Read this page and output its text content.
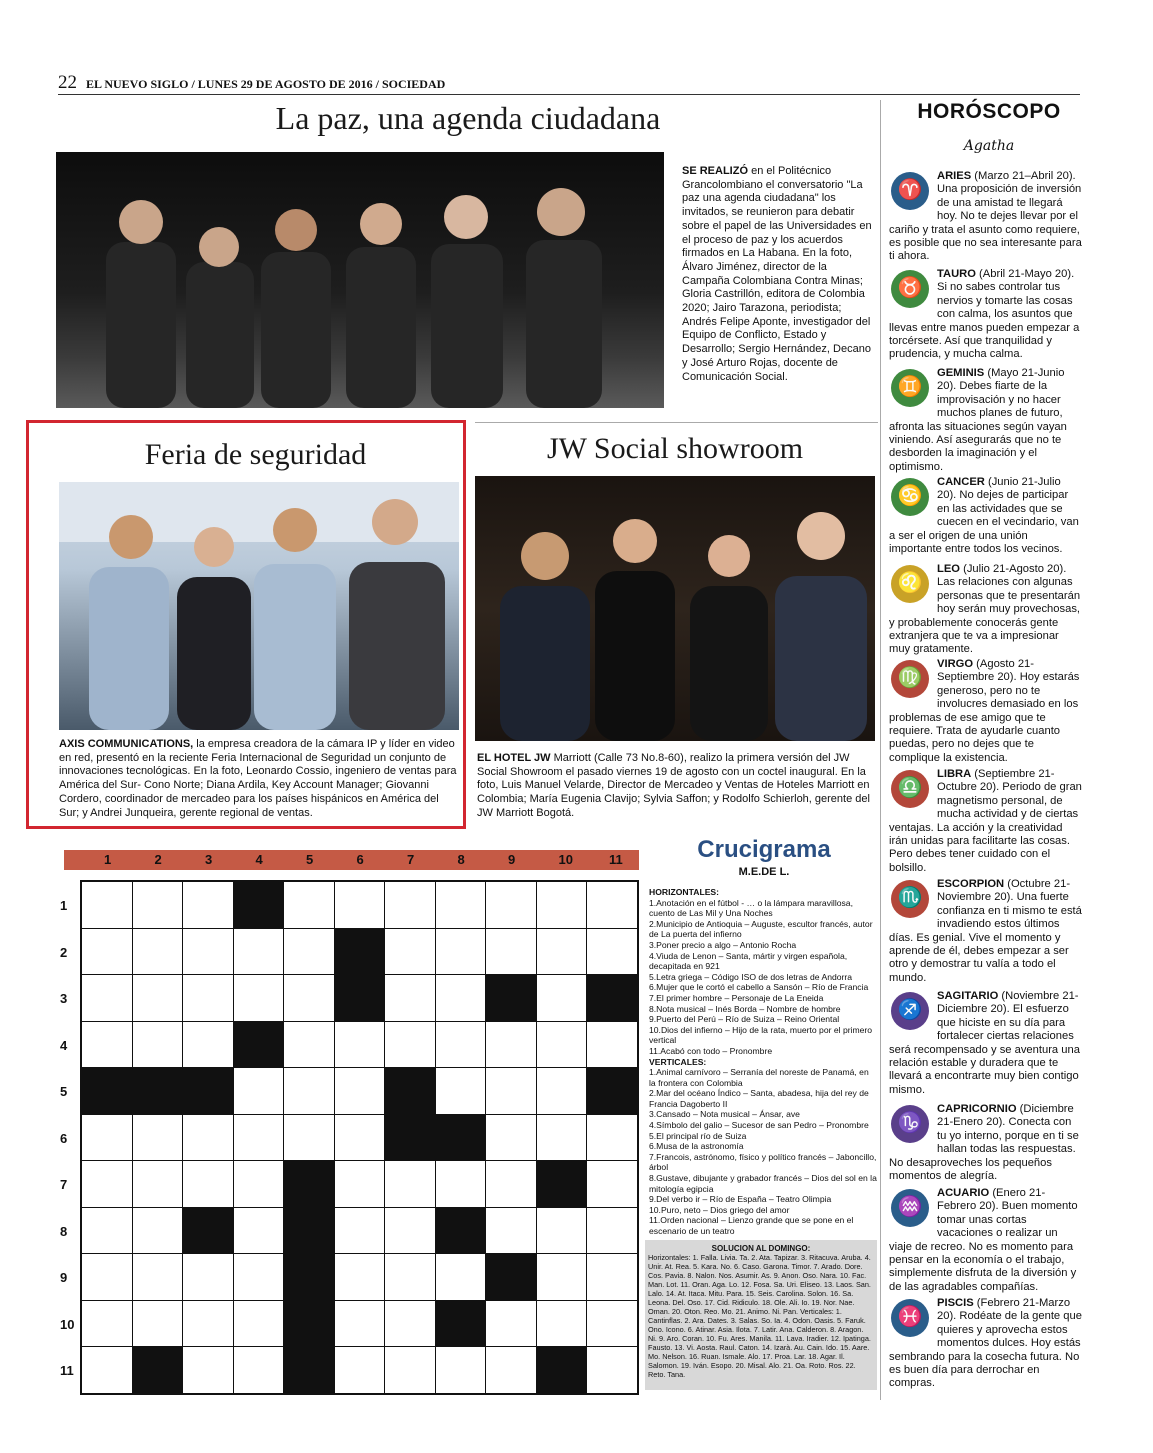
22 EL NUEVO SIGLO / LUNES 29 DE AGOSTO DE 2016 / SOCIEDAD
La paz, una agenda ciudadana
SE REALIZÓ en el Politécnico Grancolombiano el conversatorio "La paz una agenda ciudadana" los invitados, se reunieron para debatir sobre el papel de las Universidades en el proceso de paz y los acuerdos firmados en La Habana. En la foto, Álvaro Jiménez, director de la Campaña Colombiana Contra Minas; Gloria Castrillón, editora de Colombia 2020; Jairo Tarazona, periodista; Andrés Felipe Aponte, investigador del Equipo de Conflicto, Estado y Desarrollo; Sergio Hernández, Decano y José Arturo Rojas, docente de Comunicación Social.
Feria de seguridad
AXIS COMMUNICATIONS, la empresa creadora de la cámara IP y líder en video en red, presentó en la reciente Feria Internacional de Seguridad un conjunto de innovaciones tecnológicas. En la foto, Leonardo Cossio, ingeniero de ventas para América del Sur- Cono Norte; Diana Ardila, Key Account Manager; Giovanni Cordero, coordinador de mercadeo para los países hispánicos en América del Sur; y Andrei Junqueira, gerente regional de ventas.
JW Social showroom
EL HOTEL JW Marriott (Calle 73 No.8-60), realizo la primera versión del JW Social Showroom el pasado viernes 19 de agosto con un coctel inaugural. En la foto, Luis Manuel Velarde, Director de Mercadeo y Ventas de Hoteles Marriott en Colombia; María Eugenia Clavijo; Sylvia Saffon; y Rodolfo Schierloh, gerente del JW Marriott Bogotá.
HORÓSCOPO
Agatha
♈
ARIES (Marzo 21–Abril 20). Una proposición de inversión de una amistad te llegará hoy. No te dejes llevar por el cariño y trata el asunto como requiere, es posible que no sea interesante para ti ahora.
♉
TAURO (Abril 21-Mayo 20). Si no sabes controlar tus nervios y tomarte las cosas con calma, los asuntos que llevas entre manos pueden empezar a torcérsete. Así que tranquilidad y prudencia, y mucha calma.
♊
GEMINIS (Mayo 21-Junio 20). Debes fiarte de la improvisación y no hacer muchos planes de futuro, afronta las situaciones según vayan viniendo. Así asegurarás que no te desborden la imaginación y el optimismo.
♋
CANCER (Junio 21-Julio 20). No dejes de participar en las actividades que se cuecen en el vecindario, van a ser el origen de una unión importante entre todos los vecinos.
♌
LEO (Julio 21-Agosto 20). Las relaciones con algunas personas que te presentarán hoy serán muy provechosas, y probablemente conocerás gente extranjera que te va a impresionar muy gratamente.
♍
VIRGO (Agosto 21-Septiembre 20). Hoy estarás generoso, pero no te involucres demasiado en los problemas de ese amigo que te requiere. Trata de ayudarle cuanto puedas, pero no dejes que te complique la existencia.
♎
LIBRA (Septiembre 21-Octubre 20). Periodo de gran magnetismo personal, de mucha actividad y de ciertas ventajas. La acción y la creatividad irán unidas para facilitarte las cosas. Pero debes tener cuidado con el bolsillo.
♏
ESCORPION (Octubre 21-Noviembre 20). Una fuerte confianza en ti mismo te está invadiendo estos últimos días. Es genial. Vive el momento y aprende de él, debes empezar a ser otro y demostrar tu valía a todo el mundo.
♐
SAGITARIO (Noviembre 21-Diciembre 20). El esfuerzo que hiciste en su día para fortalecer ciertas relaciones será recompensado y se aventura una relación estable y duradera que te llevará a encontrarte muy bien contigo mismo.
♑
CAPRICORNIO (Diciembre 21-Enero 20). Conecta con tu yo interno, porque en ti se hallan todas las respuestas. No desaproveches los pequeños momentos de alegría.
♒
ACUARIO (Enero 21-Febrero 20). Buen momento tomar unas cortas vacaciones o realizar un viaje de recreo. No es momento para pensar en la economía o el trabajo, simplemente disfruta de la diversión y de las agradables compañías.
♓
PISCIS (Febrero 21-Marzo 20). Rodéate de la gente que quieres y aprovecha estos momentos dulces. Hoy estás sembrando para la cosecha futura. No es buen día para derrochar en compras.
1	2	3	4	5	6	7	8	9	10	11
1
2
3
4
5
6
7
8
9
10
11
Crucigrama
M.E.DE L.
HORIZONTALES:
1.Anotación en el fútbol - … o la lámpara maravillosa, cuento de Las Mil y Una Noches
2.Municipio de Antioquia – Auguste, escultor francés, autor de La puerta del infierno
3.Poner precio a algo – Antonio Rocha
4.Viuda de Lenon – Santa, mártir y virgen española, decapitada en 921
5.Letra griega – Código ISO de dos letras de Andorra
6.Mujer que le cortó el cabello a Sansón – Río de Francia
7.El primer hombre – Personaje de La Eneida
8.Nota musical – Inés Borda – Nombre de hombre
9.Puerto del Perú – Río de Suiza – Reino Oriental
10.Dios del infierno – Hijo de la rata, muerto por el primero vertical
11.Acabó con todo – Pronombre
VERTICALES:
1.Animal carnívoro – Serranía del noreste de Panamá, en la frontera con Colombia
2.Mar del océano Índico – Santa, abadesa, hija del rey de Francia Dagoberto II
3.Cansado – Nota musical – Ánsar, ave
4.Símbolo del galio – Sucesor de san Pedro – Pronombre
5.El principal río de Suiza
6.Musa de la astronomía
7.Francois, astrónomo, físico y político francés – Jaboncillo, árbol
8.Gustave, dibujante y grabador francés – Dios del sol en la mitología egipcia
9.Del verbo ir – Río de España – Teatro Olimpia
10.Puro, neto – Dios griego del amor
11.Orden nacional – Lienzo grande que se pone en el escenario de un teatro
SOLUCION AL DOMINGO:
Horizontales: 1. Falla. Livia. Ta. 2. Ata. Tapizar. 3. Ritacuva. Aruba. 4. Unir. At. Rea. 5. Kara. No. 6. Caso. Garona. Timor. 7. Arado. Dore. Cos. Pavia. 8. Nalon. Nos. Asumir. As. 9. Anon. Oso. Nara. 10. Fac. Man. Lot. 11. Oran. Aga. Lo. 12. Fosa. Sa. Uri. Eliseo. 13. Laos. San. Lalo. 14. At. Itaca. Mitu. Para. 15. Seis. Carolina. Solon. 16. Sa. Leona. Del. Oso. 17. Cid. Ridiculo. 18. Ole. Ali. Io. 19. Nor. Nae. Oman. 20. Oton. Reo. Mo. 21. Animo. Ni. Pan. Verticales: 1. Cantinflas. 2. Ara. Dates. 3. Salas. So. Ia. 4. Odon. Oasis. 5. Faruk. Ono. Icono. 6. Atinar. Asia. Ilota. 7. Latir. Ana. Calderon. 8. Aragon. Ni. 9. Aro. Coran. 10. Fu. Ares. Manila. 11. Lava. Iradier. 12. Ipatinga. Fausto. 13. Vi. Aosta. Raul. Caton. 14. Izarà. Au. Cain. Ido. 15. Aare. Mo. Nelson. 16. Ruan. Ismale. Alo. 17. Proa. Lar. 18. Agar. Il. Salomon. 19. Iván. Esopo. 20. Misal. Alo. 21. Oa. Roto. Ros. 22. Reto. Tana.
